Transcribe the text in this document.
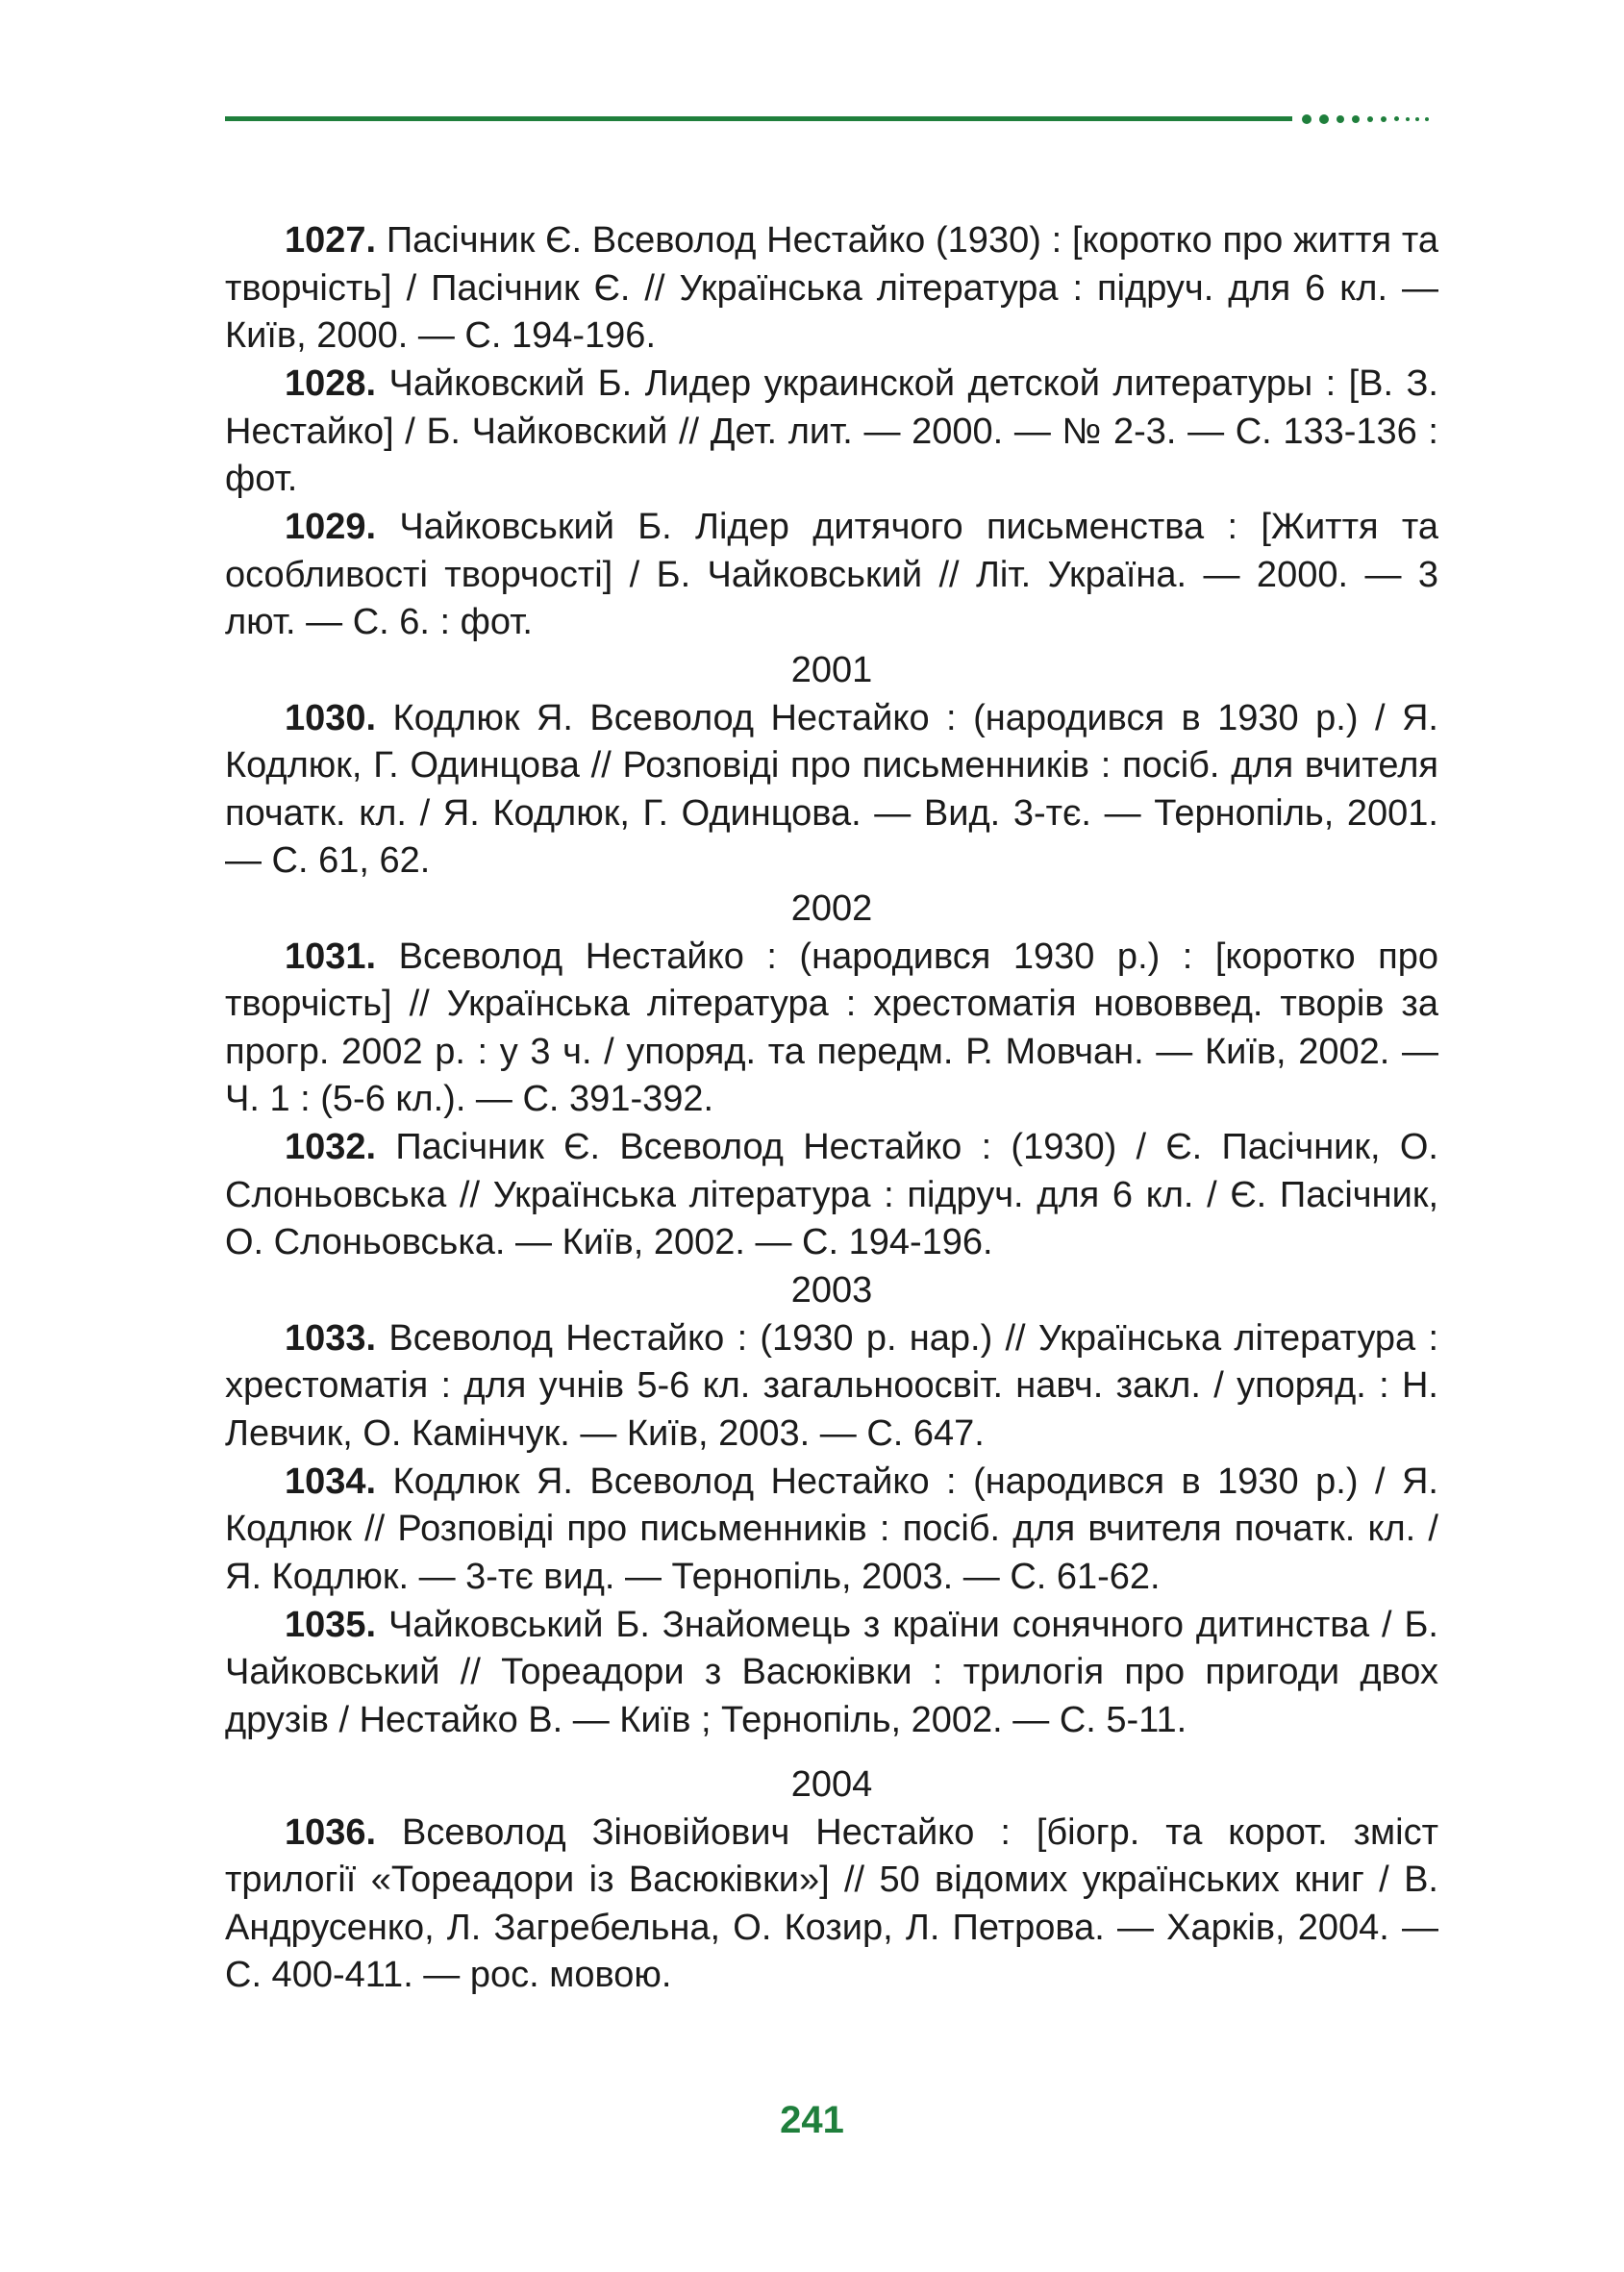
1027. Пасічник Є. Всеволод Нестайко (1930) : [коротко про життя та творчість] / Пасічник Є. // Українська література : підруч. для 6 кл. — Київ, 2000. — С. 194-196.

1028. Чайковский Б. Лидер украинской детской литературы : [В. З. Нестайко] / Б. Чайковский // Дет. лит. — 2000. — № 2-3. — С. 133-136 : фот.

1029. Чайковський Б. Лідер дитячого письменства : [Життя та особливості творчості] / Б. Чайковський // Літ. Україна. — 2000. — 3 лют. — С. 6. : фот.

2001

1030. Кодлюк Я. Всеволод Нестайко : (народився в 1930 р.) / Я. Кодлюк, Г. Одинцова // Розповіді про письменників : посіб. для вчителя початк. кл. / Я. Кодлюк, Г. Одинцова. — Вид. 3-тє. — Тернопіль, 2001. — С. 61, 62.

2002

1031. Всеволод Нестайко : (народився 1930 р.) : [коротко про творчість] // Українська література : хрестоматія нововвед. творів за прогр. 2002 р. : у 3 ч. / упоряд. та передм. Р. Мовчан. — Київ, 2002. — Ч. 1 : (5-6 кл.). — С. 391-392.

1032. Пасічник Є. Всеволод Нестайко : (1930) / Є. Пасічник, О. Слоньовська // Українська література : підруч. для 6 кл. / Є. Пасічник, О. Слоньовська. — Київ, 2002. — С. 194-196.

2003

1033. Всеволод Нестайко : (1930 р. нар.) // Українська література : хрестоматія : для учнів 5-6 кл. загальноосвіт. навч. закл. / упоряд. : Н. Левчик, О. Камінчук. — Київ, 2003. — С. 647.

1034. Кодлюк Я. Всеволод Нестайко : (народився в 1930 р.) / Я. Кодлюк // Розповіді про письменників : посіб. для вчителя початк. кл. / Я. Кодлюк. — 3-тє вид. — Тернопіль, 2003. — С. 61-62.

1035. Чайковський Б. Знайомець з країни сонячного дитинства / Б. Чайковський // Тореадори з Васюківки : трилогія про пригоди двох друзів / Нестайко В. — Київ ; Тернопіль, 2002. — С. 5-11.

2004

1036. Всеволод Зіновійович Нестайко : [біогр. та корот. зміст трилогії «Тореадори із Васюківки»] // 50 відомих українських книг / В. Андрусенко, Л. Загребельна, О. Козир, Л. Петрова. — Харків, 2004. — С. 400-411. — рос. мовою.

241
